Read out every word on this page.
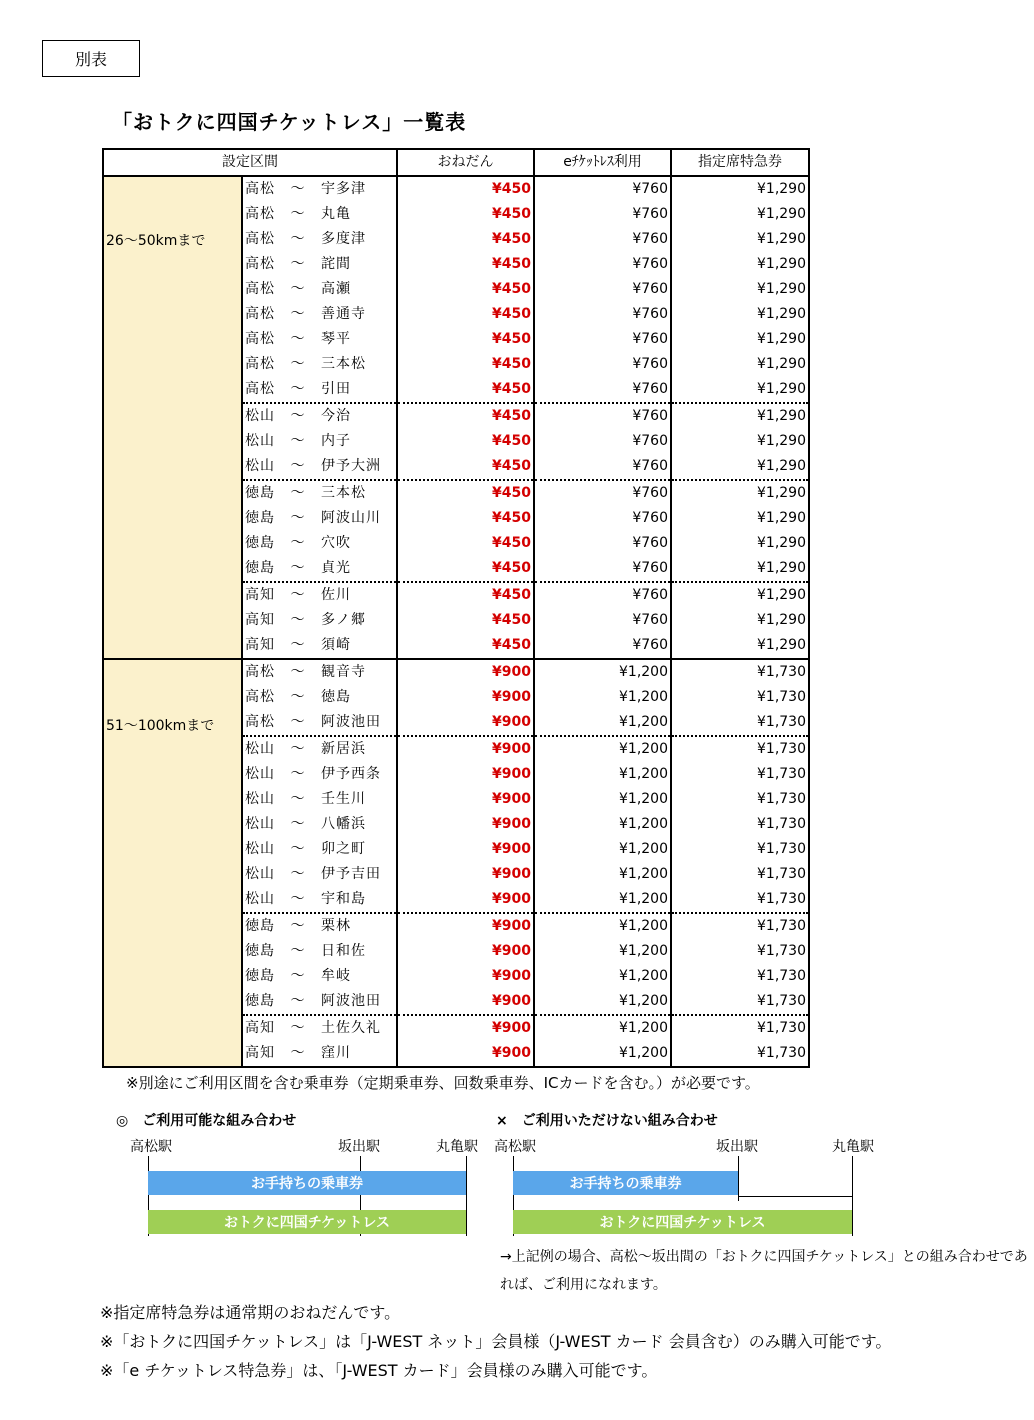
別表
「おトクに四国チケットレス」一覧表
設定区間		おねだん	eﾁｹｯﾄﾚｽ利用	指定席特急券

26～50kmまで	高松 ～ 宇多津	¥450	¥760	¥1,290
	高松 ～ 丸亀	¥450	¥760	¥1,290
	高松 ～ 多度津	¥450	¥760	¥1,290
	高松 ～ 詫間	¥450	¥760	¥1,290
	高松 ～ 高瀬	¥450	¥760	¥1,290
	高松 ～ 善通寺	¥450	¥760	¥1,290
	高松 ～ 琴平	¥450	¥760	¥1,290
	高松 ～ 三本松	¥450	¥760	¥1,290
	高松 ～ 引田	¥450	¥760	¥1,290
	松山 ～ 今治	¥450	¥760	¥1,290
	松山 ～ 内子	¥450	¥760	¥1,290
	松山 ～ 伊予大洲	¥450	¥760	¥1,290
	徳島 ～ 三本松	¥450	¥760	¥1,290
	徳島 ～ 阿波山川	¥450	¥760	¥1,290
	徳島 ～ 穴吹	¥450	¥760	¥1,290
	徳島 ～ 貞光	¥450	¥760	¥1,290
	高知 ～ 佐川	¥450	¥760	¥1,290
	高知 ～ 多ノ郷	¥450	¥760	¥1,290
	高知 ～ 須崎	¥450	¥760	¥1,290

51～100kmまで	高松 ～ 観音寺	¥900	¥1,200	¥1,730
	高松 ～ 徳島	¥900	¥1,200	¥1,730
	高松 ～ 阿波池田	¥900	¥1,200	¥1,730
	松山 ～ 新居浜	¥900	¥1,200	¥1,730
	松山 ～ 伊予西条	¥900	¥1,200	¥1,730
	松山 ～ 壬生川	¥900	¥1,200	¥1,730
	松山 ～ 八幡浜	¥900	¥1,200	¥1,730
	松山 ～ 卯之町	¥900	¥1,200	¥1,730
	松山 ～ 伊予吉田	¥900	¥1,200	¥1,730
	松山 ～ 宇和島	¥900	¥1,200	¥1,730
	徳島 ～ 栗林	¥900	¥1,200	¥1,730
	徳島 ～ 日和佐	¥900	¥1,200	¥1,730
	徳島 ～ 牟岐	¥900	¥1,200	¥1,730
	徳島 ～ 阿波池田	¥900	¥1,200	¥1,730
	高知 ～ 土佐久礼	¥900	¥1,200	¥1,730
	高知 ～ 窪川	¥900	¥1,200	¥1,730
※別途にご利用区間を含む乗車券（定期乗車券、回数乗車券、ICカードを含む。）が必要です。
◎　ご利用可能な組み合わせ
高松駅	坂出駅	丸亀駅
お手持ちの乗車券
おトクに四国チケットレス
×　ご利用いただけない組み合わせ
高松駅	坂出駅	丸亀駅
お手持ちの乗車券
おトクに四国チケットレス
→上記例の場合、高松～坂出間の「おトクに四国チケットレス」との組み合わせであれば、ご利用になれます。
※指定席特急券は通常期のおねだんです。
※「おトクに四国チケットレス」は「J-WEST ネット」会員様（J-WEST カード 会員含む）のみ購入可能です。
※「e チケットレス特急券」は、「J-WEST カード」会員様のみ購入可能です。
